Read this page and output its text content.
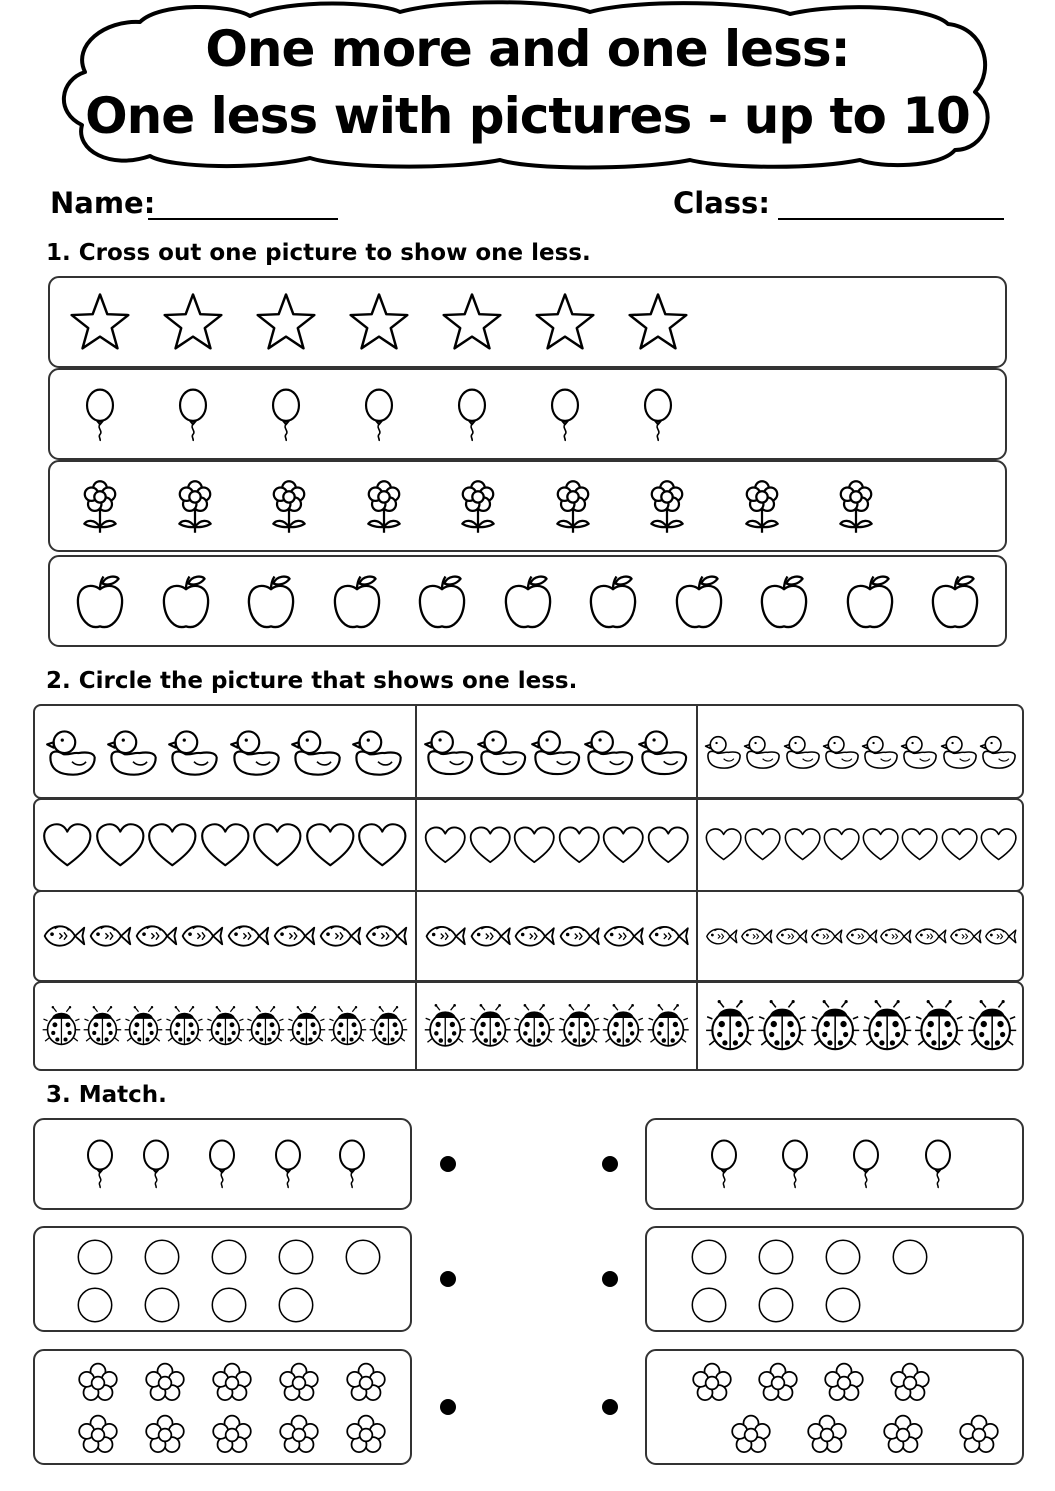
One more and one less:
One less with pictures - up to 10
Name:	Class:
1. Cross out one picture to show one less.
2. Circle the picture that shows one less.
3. Match.
